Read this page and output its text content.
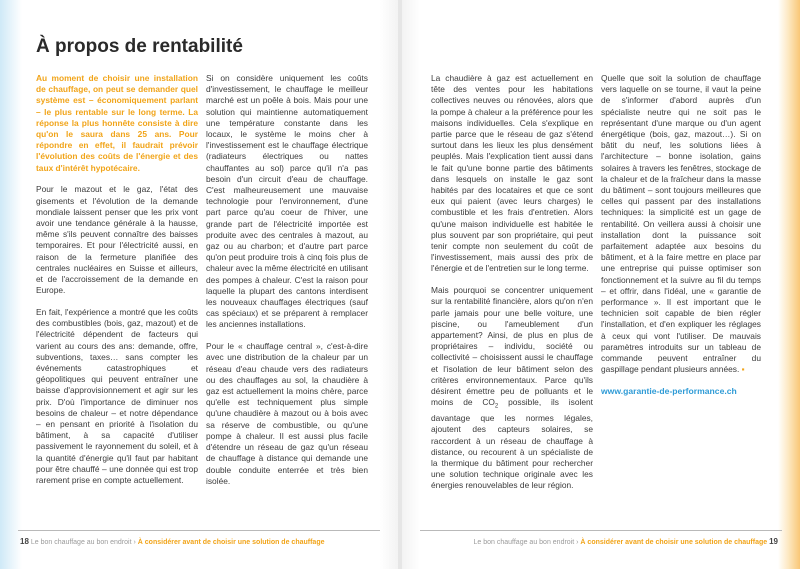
À propos de rentabilité

Au moment de choisir une installation de chauffage, on peut se demander quel système est – économiquement parlant – le plus rentable sur le long terme. La réponse la plus honnête consiste à dire qu'on le saura dans 25 ans. Pour répondre en effet, il faudrait prévoir l'évolution des coûts de l'énergie et des taux d'intérêt hypotécaire.

Pour le mazout et le gaz, l'état des gisements et l'évolution de la demande mondiale laissent penser que les prix vont avoir une tendance générale à la hausse, même s'ils peuvent connaître des baisses temporaires. Et pour l'électricité aussi, en raison de la fermeture planifiée des centrales nucléaires en Suisse et ailleurs, et de l'accroissement de la demande en Europe.

En fait, l'expérience a montré que les coûts des combustibles (bois, gaz, mazout) et de l'électricité dépendent de facteurs qui varient au cours des ans: demande, offre, subventions, taxes… sans compter les événements catastrophiques et géopolitiques qui peuvent entraîner une baisse d'approvisionnement et agir sur les prix. D'où l'importance de diminuer nos besoins de chaleur – et notre dépendance – en pensant en priorité à l'isolation du bâtiment, à sa capacité d'utiliser passivement le rayonnement du soleil, et à la quantité d'énergie qu'il faut par habitant pour être chauffé – une donnée qui est trop rarement prise en compte actuellement.

Si on considère uniquement les coûts d'investissement, le chauffage le meilleur marché est un poêle à bois. Mais pour une solution qui maintienne automatiquement une température constante dans les locaux, le système le moins cher à l'investissement est le chauffage électrique (radiateurs électriques ou nattes chauffantes au sol) parce qu'il n'a pas besoin d'un circuit d'eau de chauffage. C'est malheureusement une mauvaise technologie pour l'environnement, d'une part parce qu'au coeur de l'hiver, une grande part de l'électricité importée est produite avec des centrales à mazout, au gaz ou au charbon; et d'autre part parce qu'on peut produire trois à cinq fois plus de chaleur avec la même électricité en utilisant des pompes à chaleur. C'est la raison pour laquelle la plupart des cantons interdisent les nouveaux chauffages électriques (sauf cas spéciaux) et se préparent à remplacer les anciennes installations.

Pour le « chauffage central », c'est-à-dire avec une distribution de la chaleur par un réseau d'eau chaude vers des radiateurs ou des chauffages au sol, la chaudière à gaz est actuellement la moins chère, parce qu'elle est techniquement plus simple qu'une chaudière à mazout ou à bois avec sa réserve de combustible, ou qu'une pompe à chaleur. Il est aussi plus facile d'étendre un réseau de gaz qu'un réseau de chauffage à distance qui demande une double conduite enterrée et très bien isolée.

18 Le bon chauffage au bon endroit › À considérer avant de choisir une solution de chauffage

La chaudière à gaz est actuellement en tête des ventes pour les habitations collectives neuves ou rénovées, alors que la pompe à chaleur a la préférence pour les maisons individuelles. Cela s'explique en partie parce que le réseau de gaz s'étend surtout dans les lieux les plus densément peuplés. Mais l'explication tient aussi dans le fait qu'une bonne partie des bâtiments dans lesquels on installe le gaz sont habités par des locataires et que ce sont eux qui paient (avec leurs charges) le combustible et les frais d'entretien. Alors qu'une maison individuelle est habitée le plus souvent par son propriétaire, qui peut tenir compte non seulement du coût de l'investissement, mais aussi des prix de l'énergie et de l'entretien sur le long terme.

Mais pourquoi se concentrer uniquement sur la rentabilité financière, alors qu'on n'en parle jamais pour une belle voiture, une piscine, ou l'ameublement d'un appartement? Ainsi, de plus en plus de propriétaires – individu, société ou collectivité – choisissent aussi le chauffage et l'isolation de leur bâtiment selon des critères environnementaux. Parce qu'ils désirent émettre peu de polluants et le moins de $CO_2$ possible, ils isolent davantage que les normes légales, ajoutent des capteurs solaires, se raccordent à un réseau de chauffage à distance, ou recourent à un spécialiste de la thermique du bâtiment pour rechercher une solution technique originale avec les énergies renouvelables de leur région.

Quelle que soit la solution de chauffage vers laquelle on se tourne, il vaut la peine de s'informer d'abord auprès d'un spécialiste neutre qui ne soit pas le représentant d'une marque ou d'un agent énergétique (bois, gaz, mazout…). Si on bâtit du neuf, les solutions liées à l'architecture – bonne isolation, gains solaires à travers les fenêtres, stockage de la chaleur et de la fraîcheur dans la masse du bâtiment – sont toujours meilleures que celles qui passent par des installations techniques: la simplicité est un gage de rentabilité. On veillera aussi à choisir une installation dont la puissance soit parfaitement adaptée aux besoins du bâtiment, et à la faire mettre en place par une entreprise qui puisse optimiser son fonctionnement et la suivre au fil du temps – et offrir, dans l'idéal, une « garantie de performance ». Il est important que le technicien soit capable de bien régler l'installation, et d'en expliquer les réglages à ceux qui vont l'utiliser. De mauvais paramètres introduits sur un tableau de commande peuvent entraîner du gaspillage pendant plusieurs années. ▪

www.garantie-de-performance.ch

Le bon chauffage au bon endroit › À considérer avant de choisir une solution de chauffage 19
